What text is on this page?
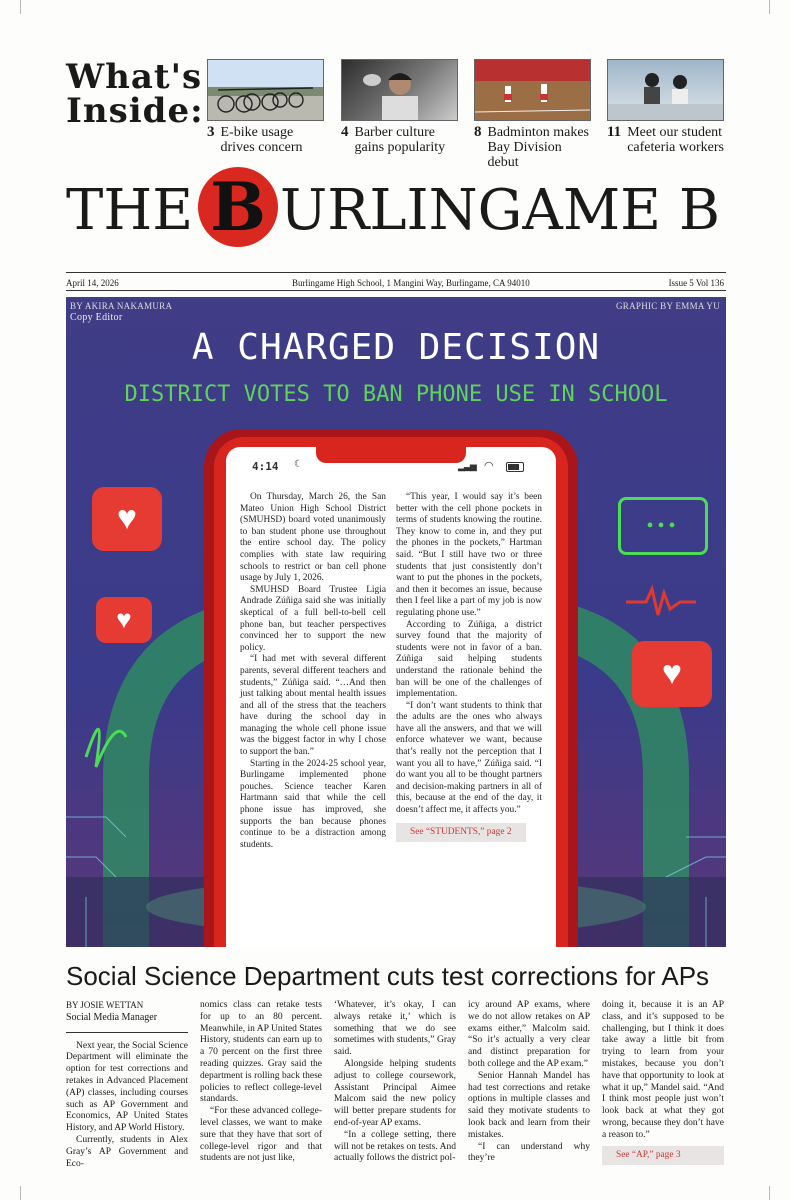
What's
Inside:
3 E-bike usage
drives concern
4 Barber culture
gains popularity
8 Badminton makes
Bay Division debut
11 Meet our student
cafeteria workers
THE B URLINGAME B
April 14, 2026	Burlingame High School, 1 Mangini Way, Burlingame, CA 94010	Issue 5 Vol 136
BY AKIRA NAKAMURA
Copy Editor
GRAPHIC BY EMMA YU
A CHARGED DECISION
DISTRICT VOTES TO BAN PHONE USE IN SCHOOL
♥
♥
•••
♥
4:14 ☾	▂▃▅ ◠

On Thursday, March 26, the San Mateo Union High School District (SMUHSD) board voted unanimously to ban student phone use throughout the entire school day. The policy complies with state law requiring schools to restrict or ban cell phone usage by July 1, 2026.

SMUHSD Board Trustee Ligia Andrade Zúñiga said she was initially skeptical of a full bell-to-bell cell phone ban, but teacher perspectives convinced her to support the new policy.

“I had met with several different parents, several different teachers and students,” Zúñiga said. “…And then just talking about mental health issues and all of the stress that the teachers have during the school day in managing the whole cell phone issue was the biggest factor in why I chose to support the ban.”

Starting in the 2024-25 school year, Burlingame implemented phone pouches. Science teacher Karen Hartmann said that while the cell phone issue has improved, she supports the ban because phones continue to be a distraction among students.

“This year, I would say it’s been better with the cell phone pockets in terms of students knowing the routine. They know to come in, and they put the phones in the pockets,” Hartman said. “But I still have two or three students that just consistently don’t want to put the phones in the pockets, and then it becomes an issue, because then I feel like a part of my job is now regulating phone use.”

According to Zúñiga, a district survey found that the majority of students were not in favor of a ban. Zúñiga said helping students understand the rationale behind the ban will be one of the challenges of implementation.

“I don’t want students to think that the adults are the ones who always have all the answers, and that we will enforce whatever we want, because that’s really not the perception that I want you all to have,” Zúñiga said. “I do want you all to be thought partners and decision-making partners in all of this, because at the end of the day, it doesn’t affect me, it affects you.”

See “STUDENTS,” page 2
Social Science Department cuts test corrections for APs
BY JOSIE WETTAN
Social Media Manager

Next year, the Social Science Department will eliminate the option for test corrections and retakes in Advanced Placement (AP) classes, including courses such as AP Government and Economics, AP United States History, and AP World History.

Currently, students in Alex Gray’s AP Government and Eco-

nomics class can retake tests for up to an 80 percent. Meanwhile, in AP United States History, students can earn up to a 70 percent on the first three reading quizzes. Gray said the department is rolling back these policies to reflect college-level standards.

“For these advanced college-level classes, we want to make sure that they have that sort of college-level rigor and that students are not just like,

‘Whatever, it’s okay, I can always retake it,’ which is something that we do see sometimes with students,” Gray said.

Alongside helping students adjust to college coursework, Assistant Principal Aimee Malcom said the new policy will better prepare students for end-of-year AP exams.

“In a college setting, there will not be retakes on tests. And actually follows the district pol-

icy around AP exams, where we do not allow retakes on AP exams either,” Malcolm said. “So it’s actually a very clear and distinct preparation for both college and the AP exam.”

Senior Hannah Mandel has had test corrections and retake options in multiple classes and said they motivate students to look back and learn from their mistakes.

“I can understand why they’re

doing it, because it is an AP class, and it’s supposed to be challenging, but I think it does take away a little bit from trying to learn from your mistakes, because you don’t have that opportunity to look at what it up,” Mandel said. “And I think most people just won’t look back at what they got wrong, because they don’t have a reason to.”

See “AP,” page 3
